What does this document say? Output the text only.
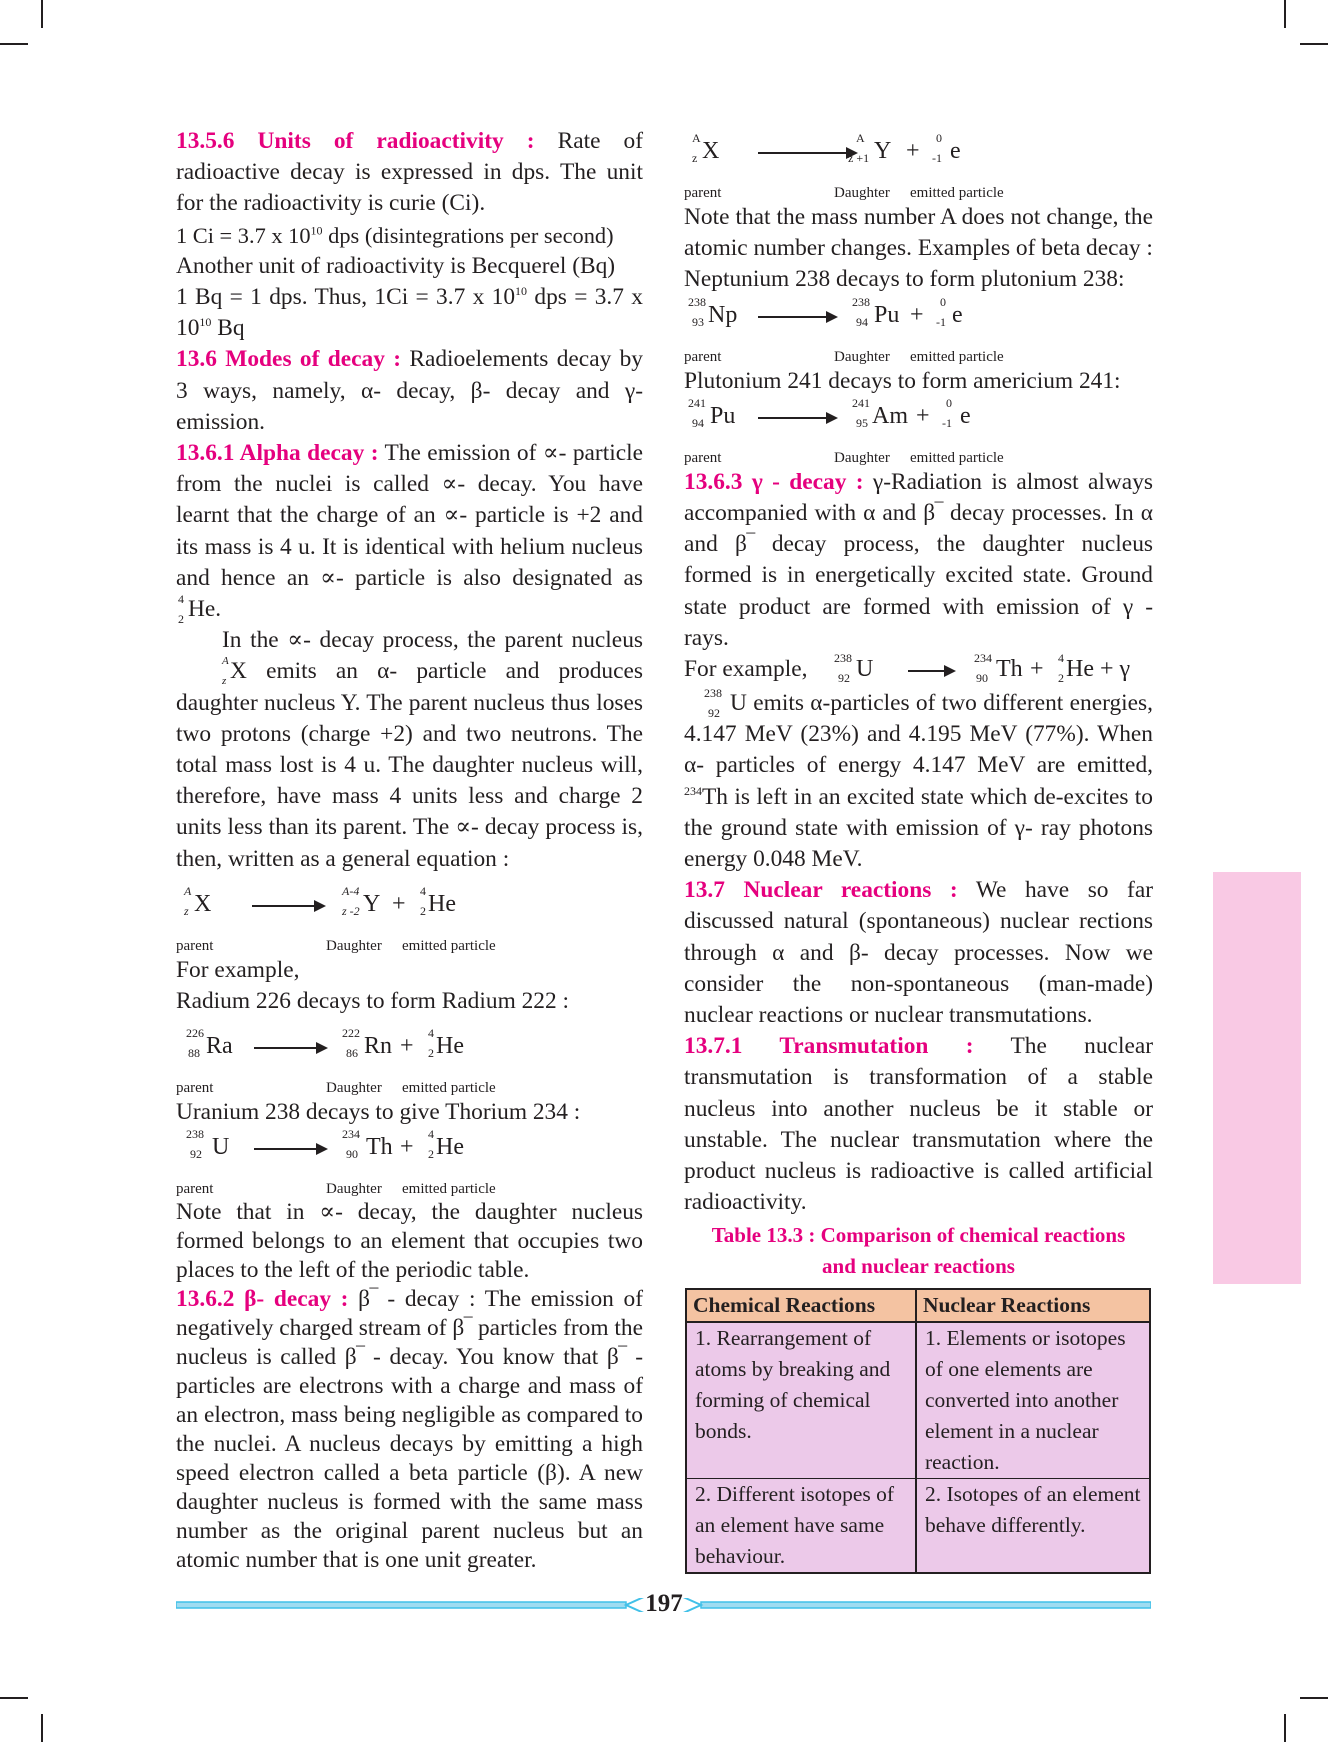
13.5.6 Units of radioactivity : Rate of radioactive decay is expressed in dps. The unit for the radioactivity is curie (Ci).

1 Ci = 3.7 x $10^{10}$ dps (disintegrations per second)

Another unit of radioactivity is Becquerel (Bq)

1 Bq = 1 dps. Thus, 1Ci = 3.7 x $10^{10}$ dps = 3.7 x $10^{10}$ Bq

13.6 Modes of decay : Radioelements decay by 3 ways, namely, α- decay, β- decay and γ- emission.

13.6.1 Alpha decay : The emission of ∝- particle from the nuclei is called ∝- decay. You have learnt that the charge of an ∝- particle is +2 and its mass is 4 u. It is identical with helium nucleus and hence an ∝- particle is also designated as
4
2 He.

In the ∝- decay process, the parent nucleus
A
z X emits an α- particle and produces daughter nucleus Y. The parent nucleus thus loses two protons (charge +2) and two neutrons. The total mass lost is 4 u. The daughter nucleus will, therefore, have mass 4 units less and charge 2 units less than its parent. The ∝- decay process is, then, written as a general equation :

A
z X	A-4
z -2 Y + 4
2 He
parent	Daughter emitted particle

For example,

Radium 226 decays to form Radium 222 :

226
88 Ra	222
86 Rn + 4
2 He
parent	Daughter emitted particle

Uranium 238 decays to give Thorium 234 :

238
92 U	234
90 Th + 4
2 He
parent	Daughter emitted particle

Note that in ∝- decay, the daughter nucleus formed belongs to an element that occupies two places to the left of the periodic table.

13.6.2 β- decay : β‾ - decay : The emission of negatively charged stream of β‾ particles from the nucleus is called β‾ - decay. You know that β‾ - particles are electrons with a charge and mass of an electron, mass being negligible as compared to the nuclei. A nucleus decays by emitting a high speed electron called a beta particle (β). A new daughter nucleus is formed with the same mass number as the original parent nucleus but an atomic number that is one unit greater.

A
z X	A
z +1 Y + 0
-1 e
parent	Daughter emitted particle

Note that the mass number A does not change, the atomic number changes. Examples of beta decay :

Neptunium 238 decays to form plutonium 238:

238
93 Np	238
94 Pu + 0
-1 e
parent	Daughter emitted particle

Plutonium 241 decays to form americium 241:

241
94 Pu	241
95 Am + 0
-1 e
parent	Daughter emitted particle

13.6.3 γ - decay : γ-Radiation is almost always accompanied with α and β‾ decay processes. In α and β‾ decay process, the daughter nucleus formed is in energetically excited state. Ground state product are formed with emission of γ - rays.

For example, 238
92 U	234
90 Th + 4
2 He + γ

238
92 U emits α-particles of two different energies, 4.147 MeV (23%) and 4.195 MeV (77%). When α- particles of energy 4.147 MeV are emitted, $^{234}$Th is left in an excited state which de-excites to the ground state with emission of γ- ray photons energy 0.048 MeV.

13.7 Nuclear reactions : We have so far discussed natural (spontaneous) nuclear rections through α and β- decay processes. Now we consider the non-spontaneous (man-made) nuclear reactions or nuclear transmutations.

13.7.1 Transmutation : The nuclear transmutation is transformation of a stable nucleus into another nucleus be it stable or unstable. The nuclear transmutation where the product nucleus is radioactive is called artificial radioactivity.

Table 13.3 : Comparison of chemical reactions
and nuclear reactions
Chemical Reactions	Nuclear Reactions
1. Rearrangement of atoms by breaking and forming of chemical bonds.	1. Elements or isotopes of one elements are converted into another element in a nuclear reaction.
2. Different isotopes of an element have same behaviour.	2. Isotopes of an element behave differently.
197
